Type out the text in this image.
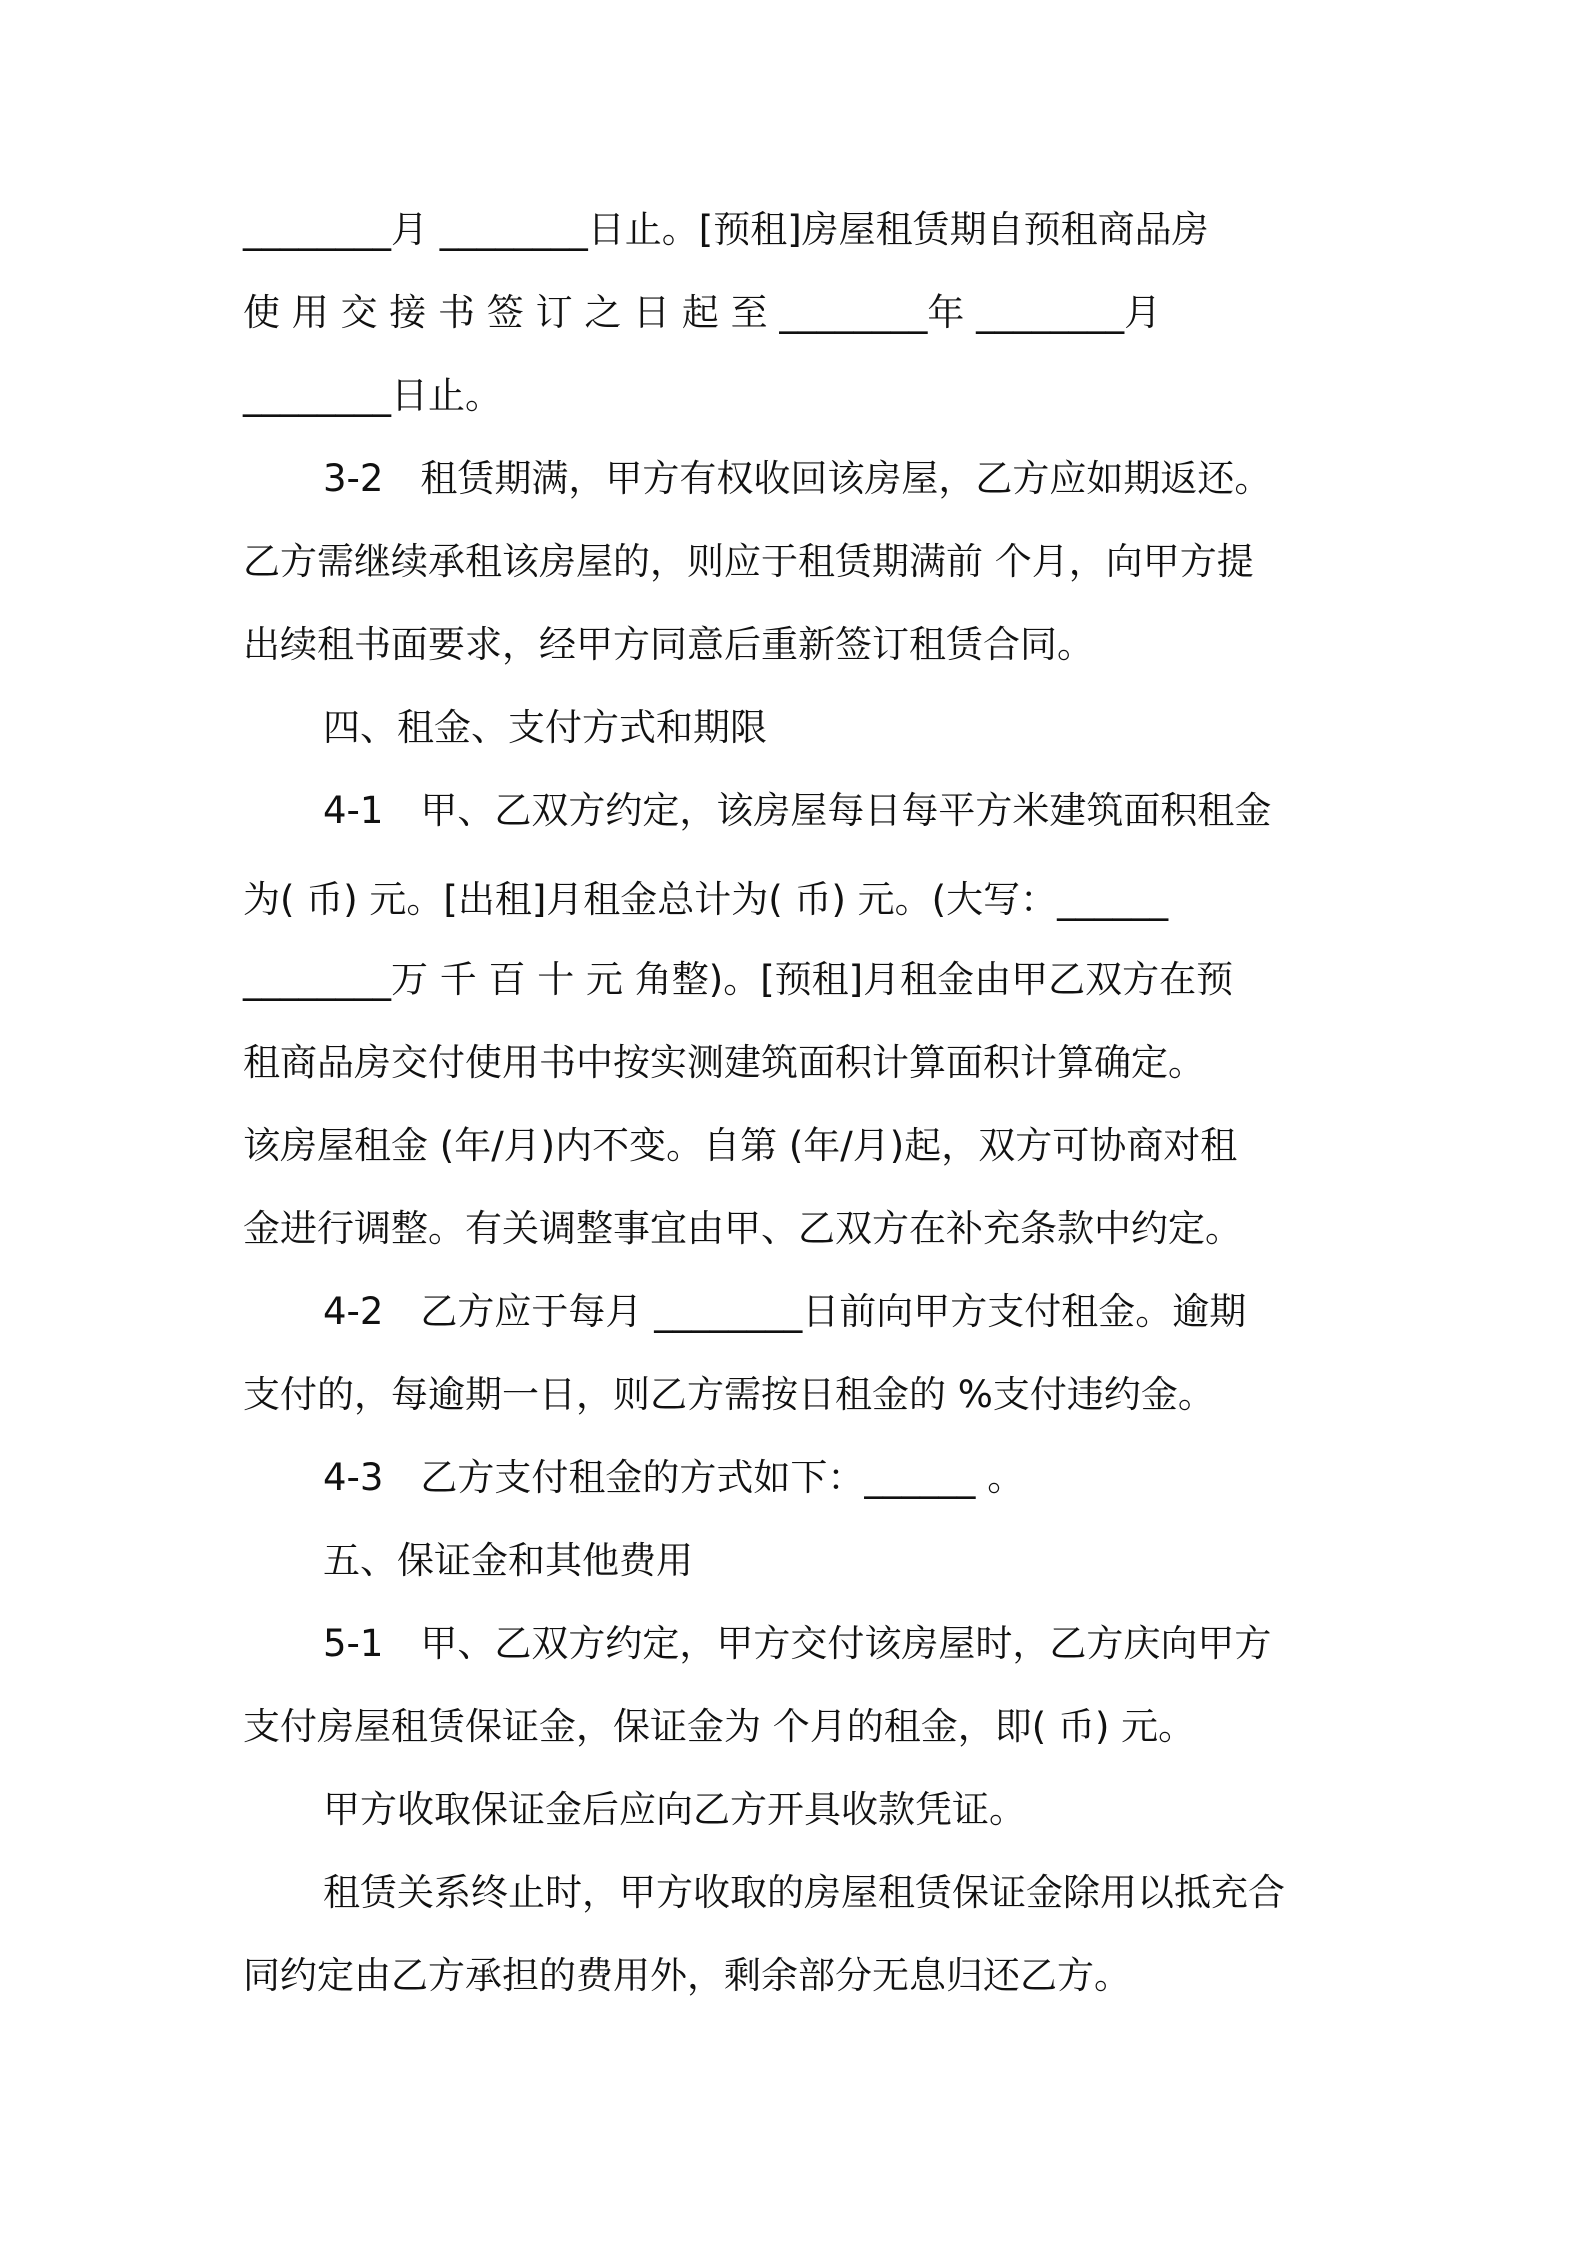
________月 ________日止。[预租]房屋租赁期自预租商品房
使 用 交 接 书 签 订 之 日 起 至 ________年 ________月
________日止。
3-2　租赁期满，甲方有权收回该房屋，乙方应如期返还。
乙方需继续承租该房屋的，则应于租赁期满前 个月，向甲方提
出续租书面要求，经甲方同意后重新签订租赁合同。
四、租金、支付方式和期限
4-1　甲、乙双方约定，该房屋每日每平方米建筑面积租金
为( 币) 元。[出租]月租金总计为( 币) 元。(大写：______
________万 千 百 十 元 角整)。[预租]月租金由甲乙双方在预
租商品房交付使用书中按实测建筑面积计算面积计算确定。
该房屋租金 (年/月)内不变。自第 (年/月)起，双方可协商对租
金进行调整。有关调整事宜由甲、乙双方在补充条款中约定。
4-2　乙方应于每月 ________日前向甲方支付租金。逾期
支付的，每逾期一日，则乙方需按日租金的 %支付违约金。
4-3　乙方支付租金的方式如下：______ 。
五、保证金和其他费用
5-1　甲、乙双方约定，甲方交付该房屋时，乙方庆向甲方
支付房屋租赁保证金，保证金为 个月的租金，即( 币) 元。
甲方收取保证金后应向乙方开具收款凭证。
租赁关系终止时，甲方收取的房屋租赁保证金除用以抵充合
同约定由乙方承担的费用外，剩余部分无息归还乙方。
